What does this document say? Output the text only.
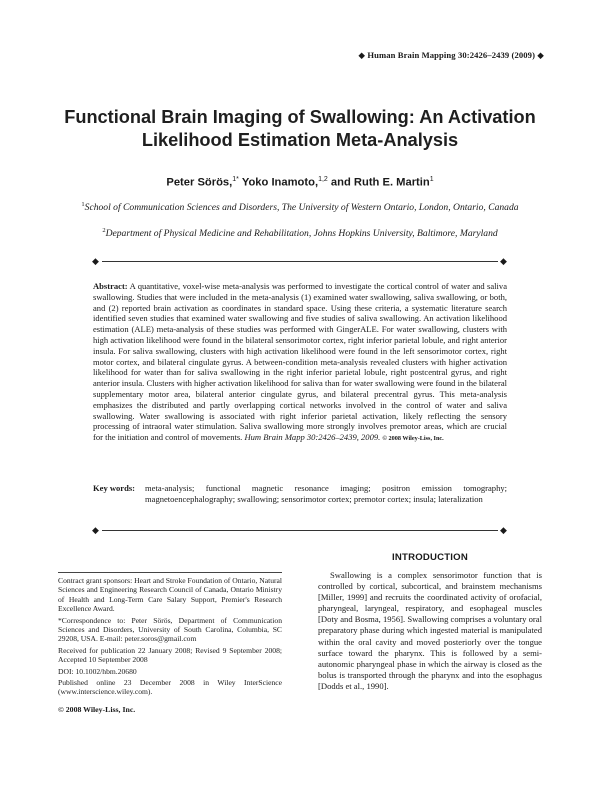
◆ Human Brain Mapping 30:2426–2439 (2009) ◆
Functional Brain Imaging of Swallowing: An Activation Likelihood Estimation Meta-Analysis
Peter Sörös,$^{1*}$ Yoko Inamoto,$^{1,2}$ and Ruth E. Martin$^1$
$^1$School of Communication Sciences and Disorders, The University of Western Ontario, London, Ontario, Canada
$^2$Department of Physical Medicine and Rehabilitation, Johns Hopkins University, Baltimore, Maryland
◆	◆

Abstract: A quantitative, voxel-wise meta-analysis was performed to investigate the cortical control of water and saliva swallowing. Studies that were included in the meta-analysis (1) examined water swallowing, saliva swallowing, or both, and (2) reported brain activation as coordinates in standard space. Using these criteria, a systematic literature search identified seven studies that examined water swallowing and five studies of saliva swallowing. An activation likelihood estimation (ALE) meta-analysis of these studies was performed with GingerALE. For water swallowing, clusters with high activation likelihood were found in the bilateral sensorimotor cortex, right inferior parietal lobule, and right anterior insula. For saliva swallowing, clusters with high activation likelihood were found in the left sensorimotor cortex, right motor cortex, and bilateral cingulate gyrus. A between-condition meta-analysis revealed clusters with higher activation likelihood for water than for saliva swallowing in the right inferior parietal lobule, right postcentral gyrus, and right anterior insula. Clusters with higher activation likelihood for saliva than for water swallowing were found in the bilateral supplementary motor area, bilateral anterior cingulate gyrus, and bilateral precentral gyrus. This meta-analysis emphasizes the distributed and partly overlapping cortical networks involved in the control of water and saliva swallowing. Water swallowing is associated with right inferior parietal activation, likely reflecting the sensory processing of intraoral water stimulation. Saliva swallowing more strongly involves premotor areas, which are crucial for the initiation and control of movements. Hum Brain Mapp 30:2426–2439, 2009. © 2008 Wiley-Liss, Inc.

Key words:	meta-analysis; functional magnetic resonance imaging; positron emission tomography; magnetoencephalography; swallowing; sensorimotor cortex; premotor cortex; insula; lateralization
◆	◆

Contract grant sponsors: Heart and Stroke Foundation of Ontario, Natural Sciences and Engineering Research Council of Canada, Ontario Ministry of Health and Long-Term Care Salary Support, Premier's Research Excellence Award.

*Correspondence to: Peter Sörös, Department of Communication Sciences and Disorders, University of South Carolina, Columbia, SC 29208, USA. E-mail: peter.soros@gmail.com

Received for publication 22 January 2008; Revised 9 September 2008; Accepted 10 September 2008

DOI: 10.1002/hbm.20680

Published online 23 December 2008 in Wiley InterScience (www.interscience.wiley.com).

© 2008 Wiley-Liss, Inc.

INTRODUCTION

Swallowing is a complex sensorimotor function that is controlled by cortical, subcortical, and brainstem mechanisms [Miller, 1999] and recruits the coordinated activity of orofacial, pharyngeal, laryngeal, respiratory, and esophageal muscles [Doty and Bosma, 1956]. Swallowing comprises a voluntary oral preparatory phase during which ingested material is manipulated within the oral cavity and moved posteriorly over the tongue surface toward the pharynx. This is followed by a semi-autonomic pharyngeal phase in which the airway is closed as the bolus is transported through the pharynx and into the esophagus [Dodds et al., 1990].
